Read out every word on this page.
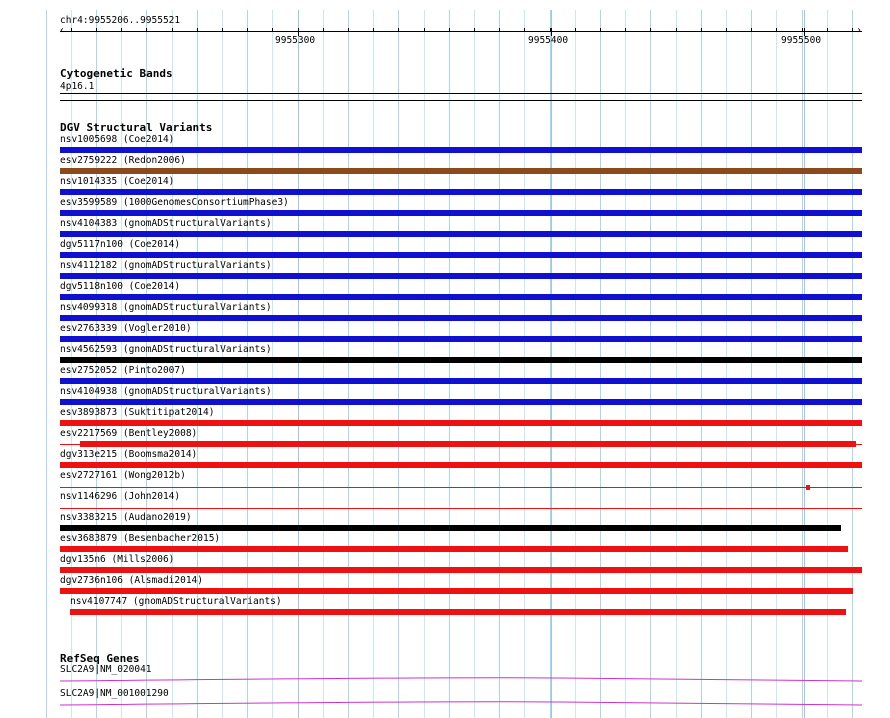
chr4:9955206..9955521
‹	›
9955300	9955400	9955500
Cytogenetic Bands
4p16.1
DGV Structural Variants
nsv1005698 (Coe2014)
esv2759222 (Redon2006)
nsv1014335 (Coe2014)
esv3599589 (1000GenomesConsortiumPhase3)
nsv4104383 (gnomADStructuralVariants)
dgv5117n100 (Coe2014)
nsv4112182 (gnomADStructuralVariants)
dgv5118n100 (Coe2014)
nsv4099318 (gnomADStructuralVariants)
esv2763339 (Vogler2010)
nsv4562593 (gnomADStructuralVariants)
esv2752052 (Pinto2007)
nsv4104938 (gnomADStructuralVariants)
esv3893873 (Suktitipat2014)
esv2217569 (Bentley2008)
dgv313e215 (Boomsma2014)
esv2727161 (Wong2012b)
nsv1146296 (John2014)
nsv3383215 (Audano2019)
esv3683879 (Besenbacher2015)
dgv135n6 (Mills2006)
dgv2736n106 (Alsmadi2014)
nsv4107747 (gnomADStructuralVariants)
RefSeq Genes
SLC2A9|NM_020041
SLC2A9|NM_001001290
